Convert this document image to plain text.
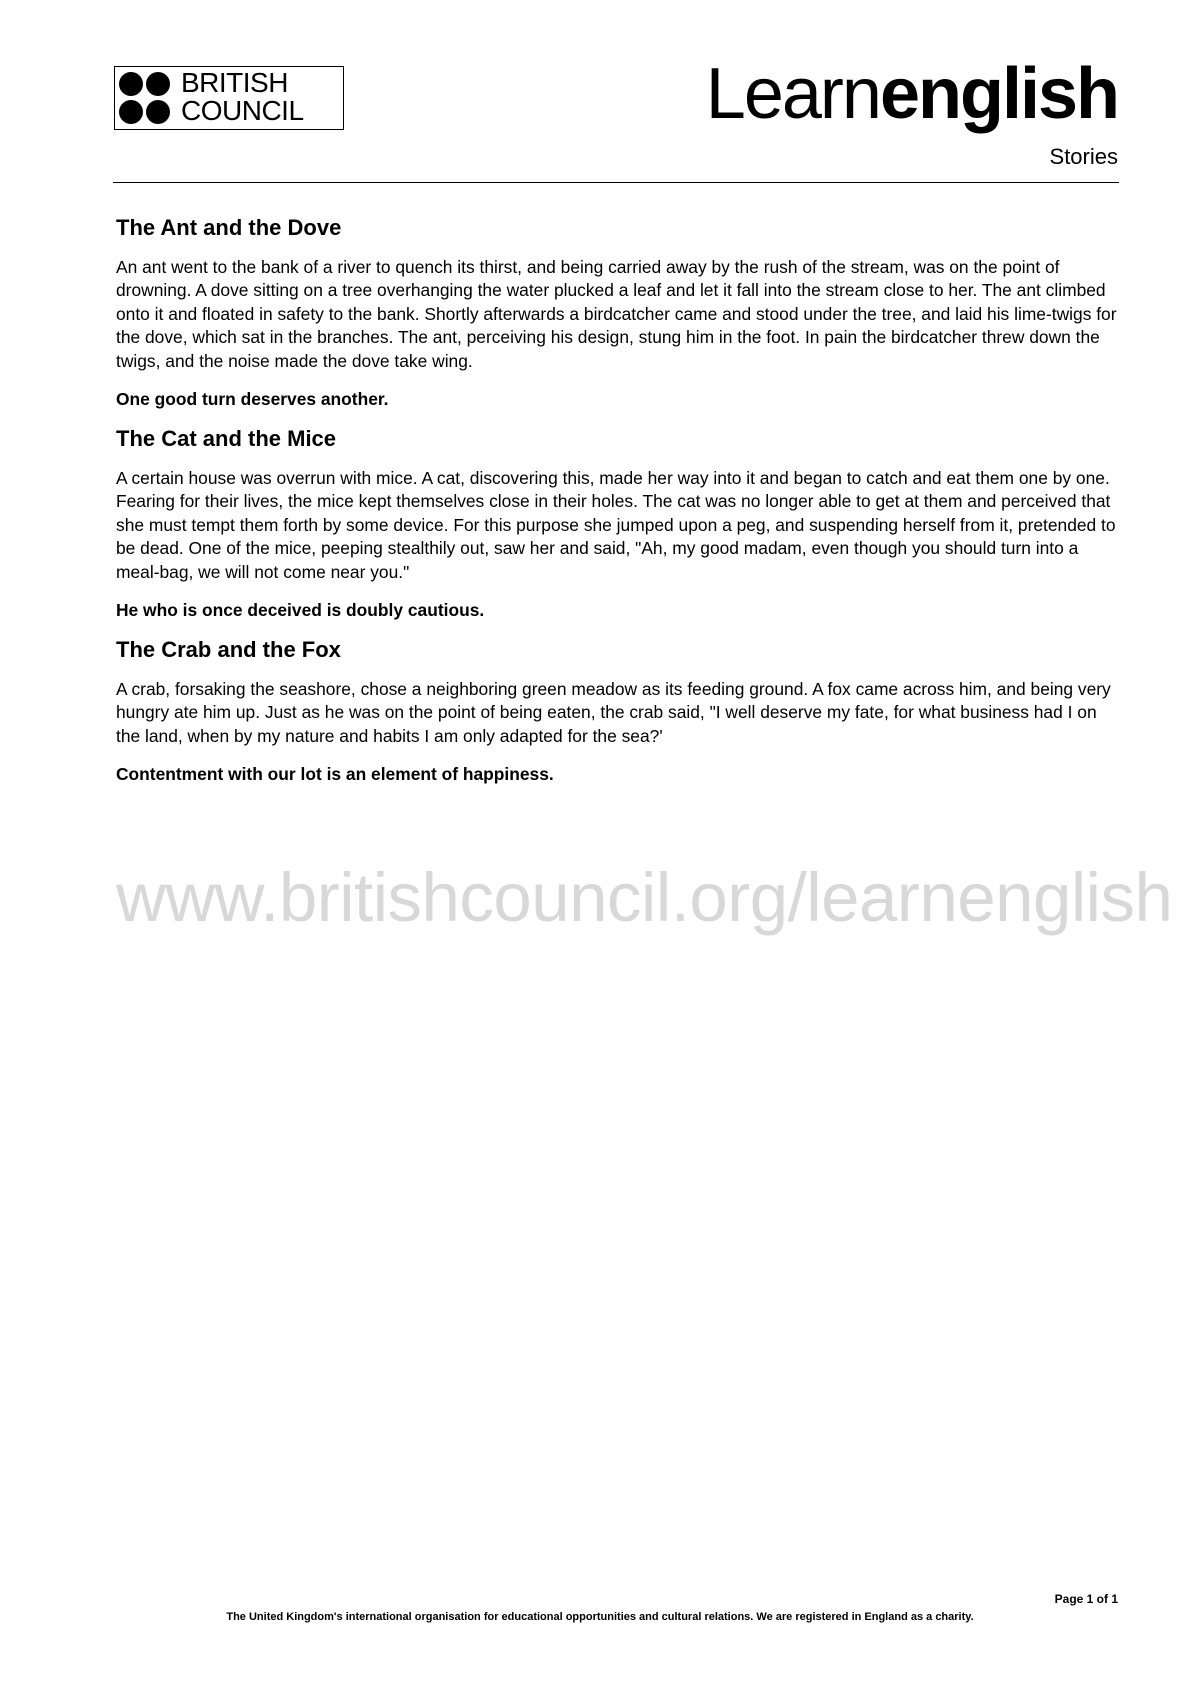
BRITISH
COUNCIL	Learnenglish
Stories
The Ant and the Dove

An ant went to the bank of a river to quench its thirst, and being carried away by the rush of the stream, was on the point of drowning. A dove sitting on a tree overhanging the water plucked a leaf and let it fall into the stream close to her. The ant climbed onto it and floated in safety to the bank. Shortly afterwards a birdcatcher came and stood under the tree, and laid his lime-twigs for the dove, which sat in the branches. The ant, perceiving his design, stung him in the foot. In pain the birdcatcher threw down the twigs, and the noise made the dove take wing.

One good turn deserves another.

The Cat and the Mice

A certain house was overrun with mice. A cat, discovering this, made her way into it and began to catch and eat them one by one. Fearing for their lives, the mice kept themselves close in their holes. The cat was no longer able to get at them and perceived that she must tempt them forth by some device. For this purpose she jumped upon a peg, and suspending herself from it, pretended to be dead. One of the mice, peeping stealthily out, saw her and said, "Ah, my good madam, even though you should turn into a meal-bag, we will not come near you."

He who is once deceived is doubly cautious.

The Crab and the Fox

A crab, forsaking the seashore, chose a neighboring green meadow as its feeding ground. A fox came across him, and being very hungry ate him up. Just as he was on the point of being eaten, the crab said, "I well deserve my fate, for what business had I on the land, when by my nature and habits I am only adapted for the sea?'

Contentment with our lot is an element of happiness.

www.britishcouncil.org/learnenglish
Page 1 of 1
The United Kingdom's international organisation for educational opportunities and cultural relations. We are registered in England as a charity.
